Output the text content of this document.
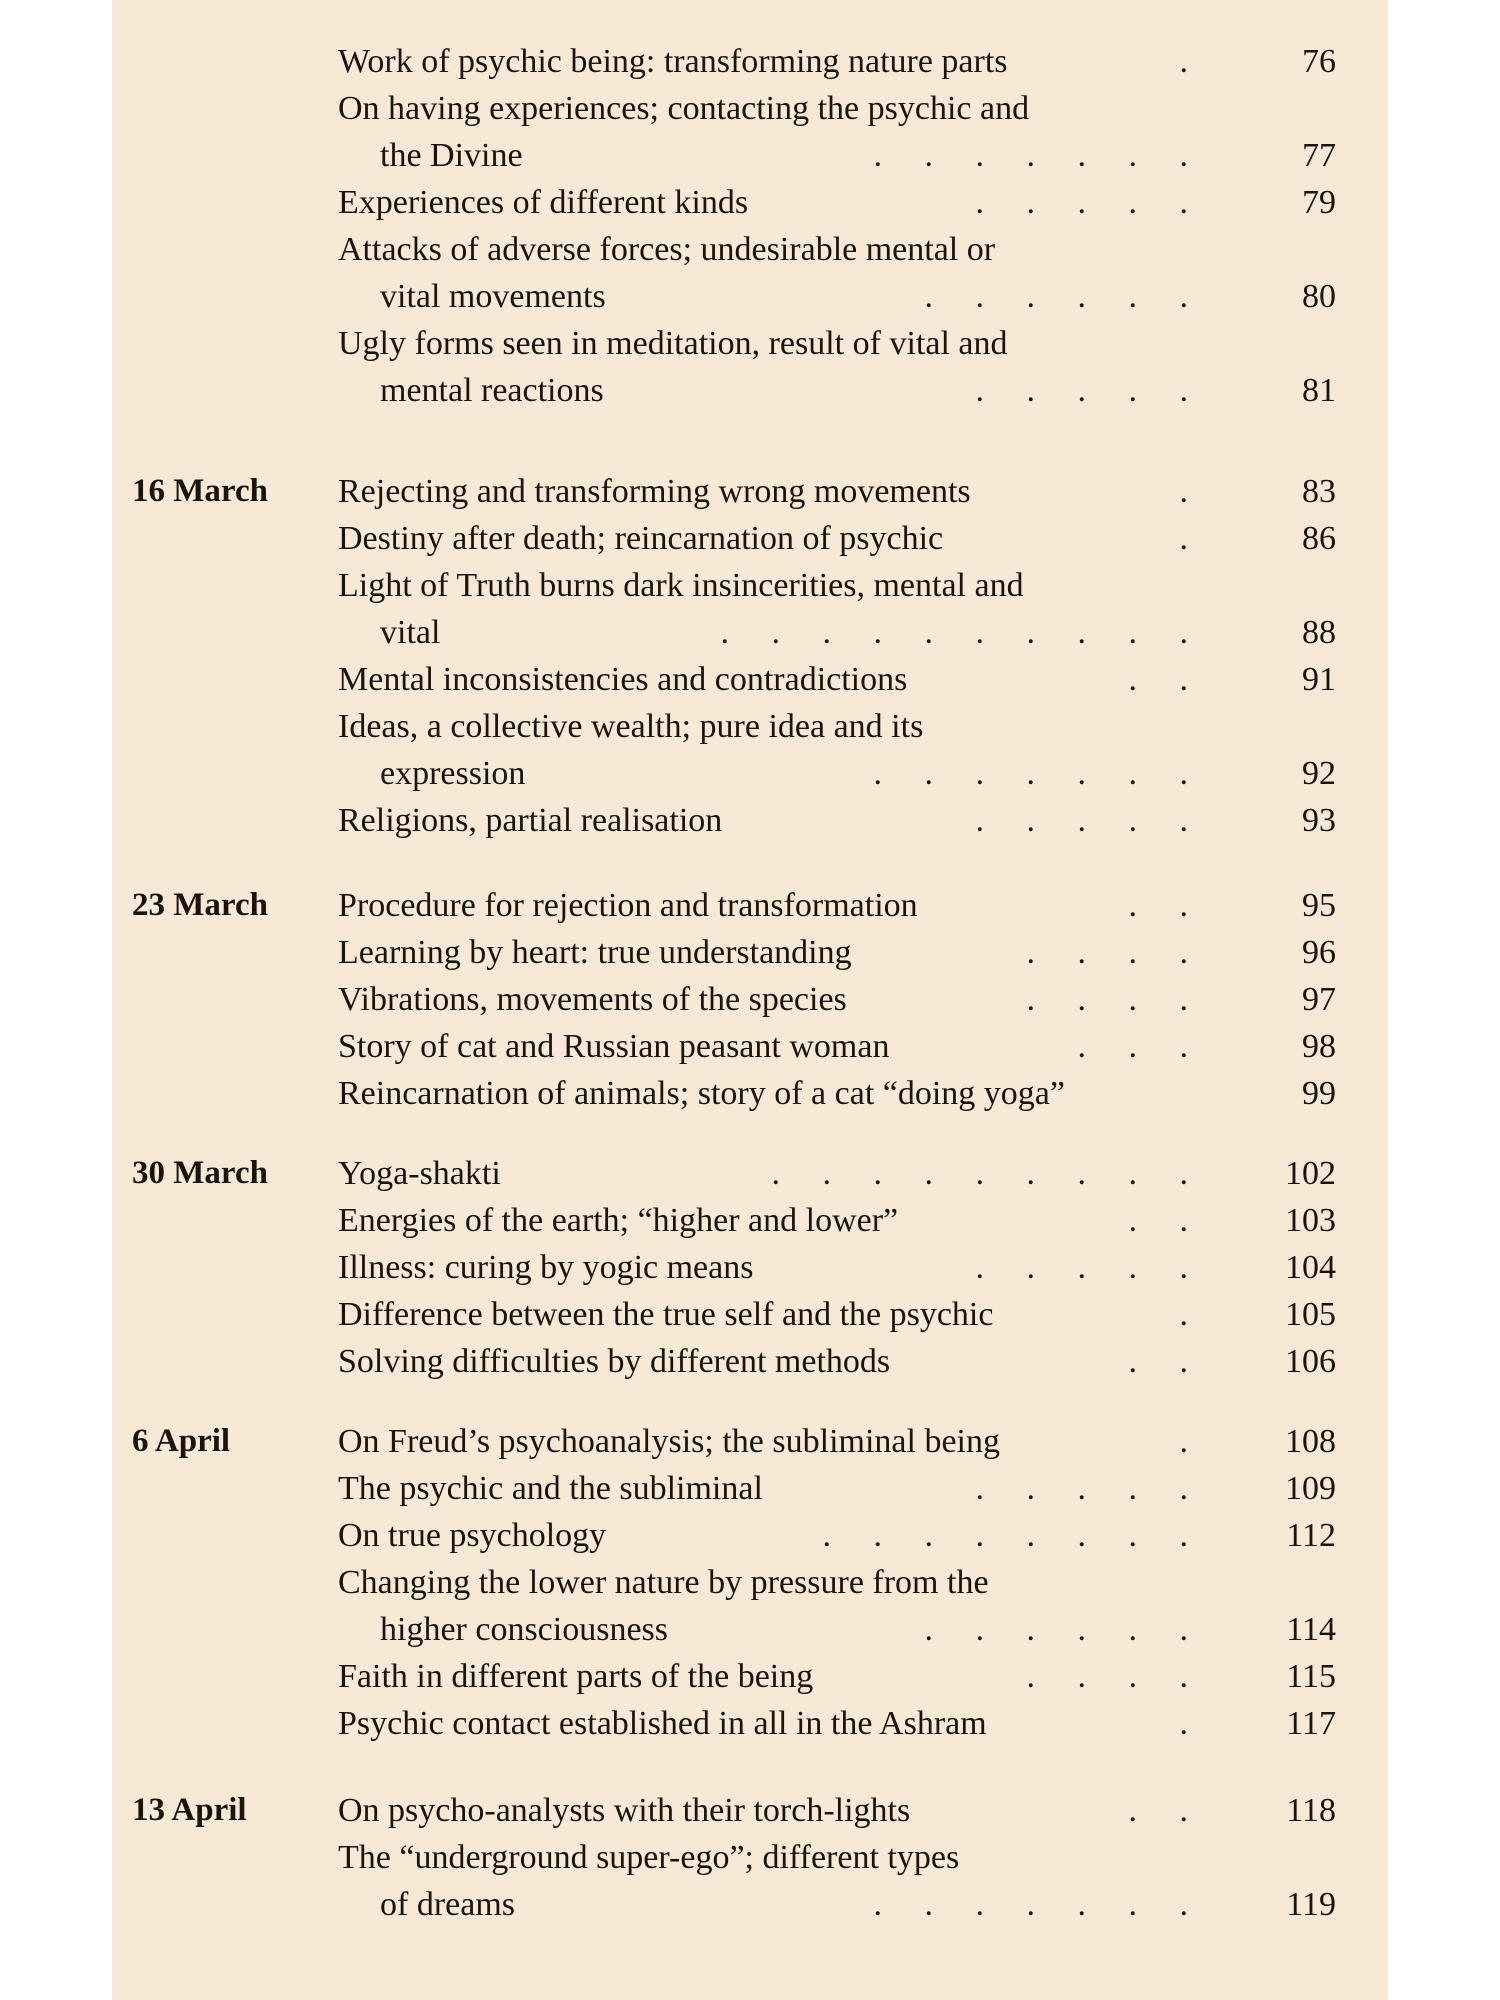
Work of psychic being: transforming nature parts	.	76
On having experiences; contacting the psychic and
the Divine	.     .     .     .     .     .     .	77
Experiences of different kinds	.     .     .     .     .	79
Attacks of adverse forces; undesirable mental or
vital movements	.     .     .     .     .     .	80
Ugly forms seen in meditation, result of vital and
mental reactions	.     .     .     .     .	81
16 March	Rejecting and transforming wrong movements	.	83
Destiny after death; reincarnation of psychic	.	86
Light of Truth burns dark insincerities, mental and
vital	.     .     .     .     .     .     .     .     .     .	88
Mental inconsistencies and contradictions	.     .	91
Ideas, a collective wealth; pure idea and its
expression	.     .     .     .     .     .     .	92
Religions, partial realisation	.     .     .     .     .	93
23 March	Procedure for rejection and transformation	.     .	95
Learning by heart: true understanding	.     .     .     .	96
Vibrations, movements of the species	.     .     .     .	97
Story of cat and Russian peasant woman	.     .     .	98
Reincarnation of animals; story of a cat “doing yoga”	99
30 March	Yoga-shakti	.     .     .     .     .     .     .     .     .	102
Energies of the earth; “higher and lower”	.     .	103
Illness: curing by yogic means	.     .     .     .     .	104
Difference between the true self and the psychic	.	105
Solving difficulties by different methods	.     .	106
6 April	On Freud’s psychoanalysis; the subliminal being	.	108
The psychic and the subliminal	.     .     .     .     .	109
On true psychology	.     .     .     .     .     .     .     .	112
Changing the lower nature by pressure from the
higher consciousness	.     .     .     .     .     .	114
Faith in different parts of the being	.     .     .     .	115
Psychic contact established in all in the Ashram	.	117
13 April	On psycho-analysts with their torch-lights	.     .	118
The “underground super-ego”; different types
of dreams	.     .     .     .     .     .     .	119
